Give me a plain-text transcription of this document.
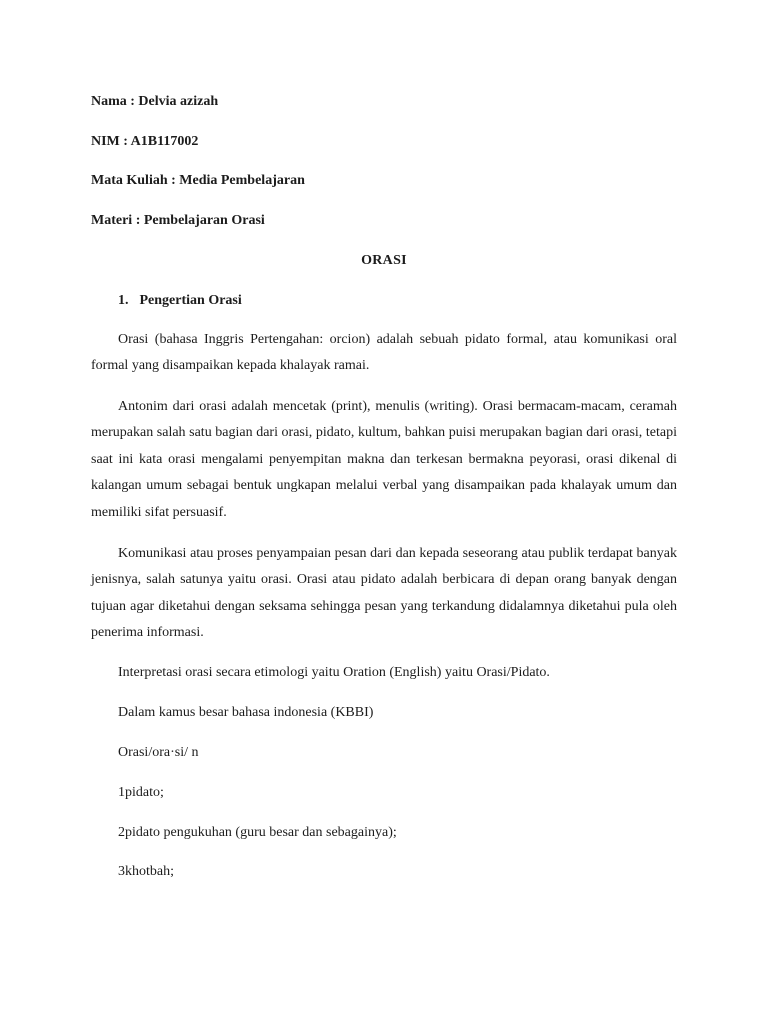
Nama : Delvia azizah
NIM : A1B117002
Mata Kuliah : Media Pembelajaran
Materi : Pembelajaran Orasi
ORASI
1. Pengertian Orasi

Orasi (bahasa Inggris Pertengahan: orcion) adalah sebuah pidato formal, atau komunikasi oral formal yang disampaikan kepada khalayak ramai.

Antonim dari orasi adalah mencetak (print), menulis (writing). Orasi bermacam-macam, ceramah merupakan salah satu bagian dari orasi, pidato, kultum, bahkan puisi merupakan bagian dari orasi, tetapi saat ini kata orasi mengalami penyempitan makna dan terkesan bermakna peyorasi, orasi dikenal di kalangan umum sebagai bentuk ungkapan melalui verbal yang disampaikan pada khalayak umum dan memiliki sifat persuasif.

Komunikasi atau proses penyampaian pesan dari dan kepada seseorang atau publik terdapat banyak jenisnya, salah satunya yaitu orasi. Orasi atau pidato adalah berbicara di depan orang banyak dengan tujuan agar diketahui dengan seksama sehingga pesan yang terkandung didalamnya diketahui pula oleh penerima informasi.

Interpretasi orasi secara etimologi yaitu Oration (English) yaitu Orasi/Pidato.
Dalam kamus besar bahasa indonesia (KBBI)
Orasi/ora·si/ n
1pidato;
2pidato pengukuhan (guru besar dan sebagainya);
3khotbah;
